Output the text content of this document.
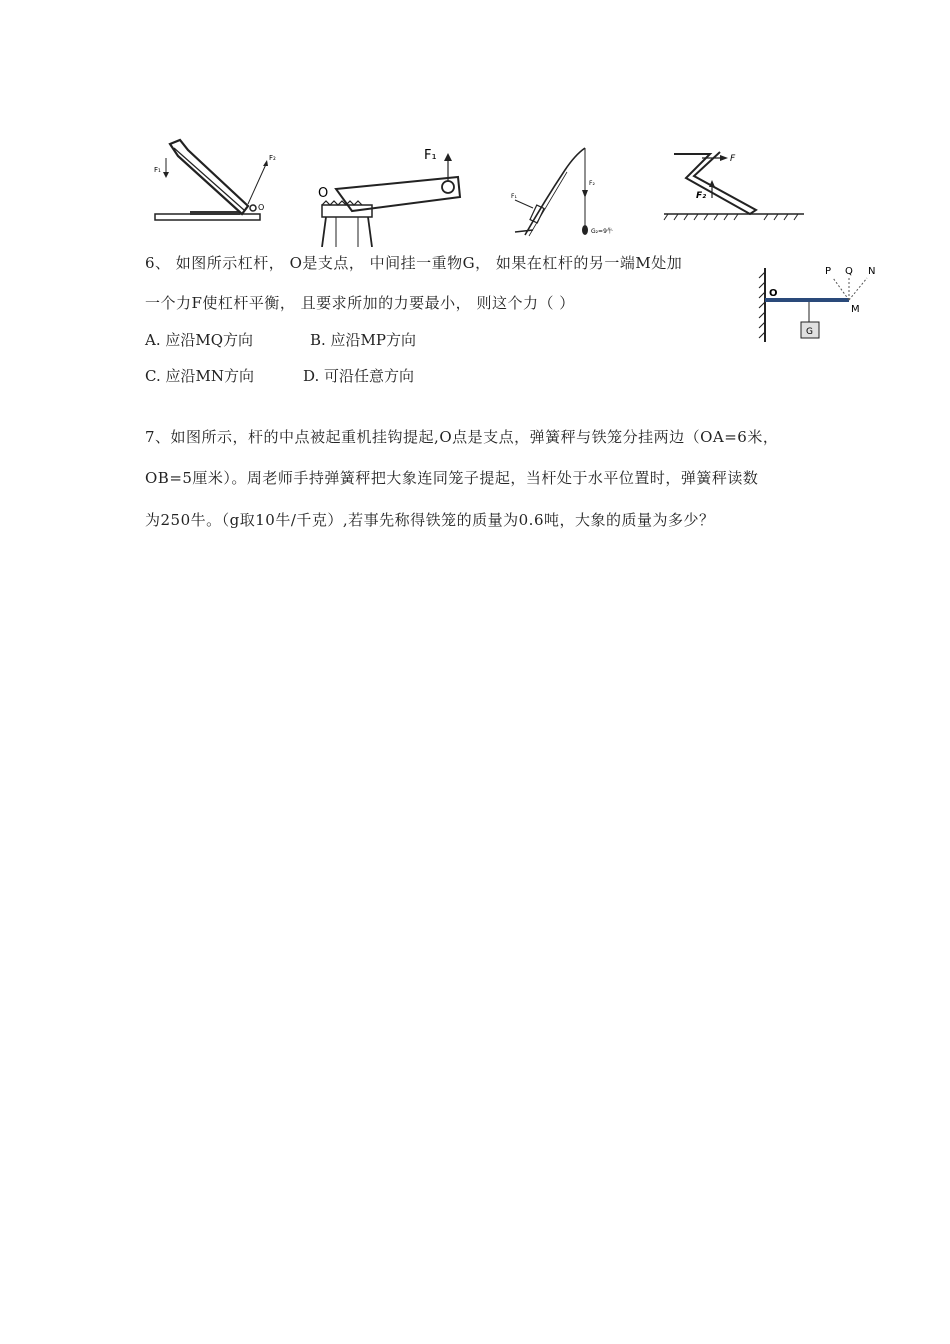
F₂
F₁
O
F₁
O	F₁
F₂
G₂=9牛
F
F₂
O
P Q N
M
G
6、 如图所示杠杆， O是支点， 中间挂一重物G， 如果在杠杆的另一端M处加
一个力F使杠杆平衡， 且要求所加的力要最小， 则这个力（ ）
A. 应沿MQ方向	B. 应沿MP方向
C. 应沿MN方向	D. 可沿任意方向
7、如图所示，杆的中点被起重机挂钩提起,O点是支点，弹簧秤与铁笼分挂两边（OA=6米，
OB=5厘米）。周老师手持弹簧秤把大象连同笼子提起，当杆处于水平位置时，弹簧秤读数
为250牛。（g取10牛/千克）,若事先称得铁笼的质量为0.6吨，大象的质量为多少？
